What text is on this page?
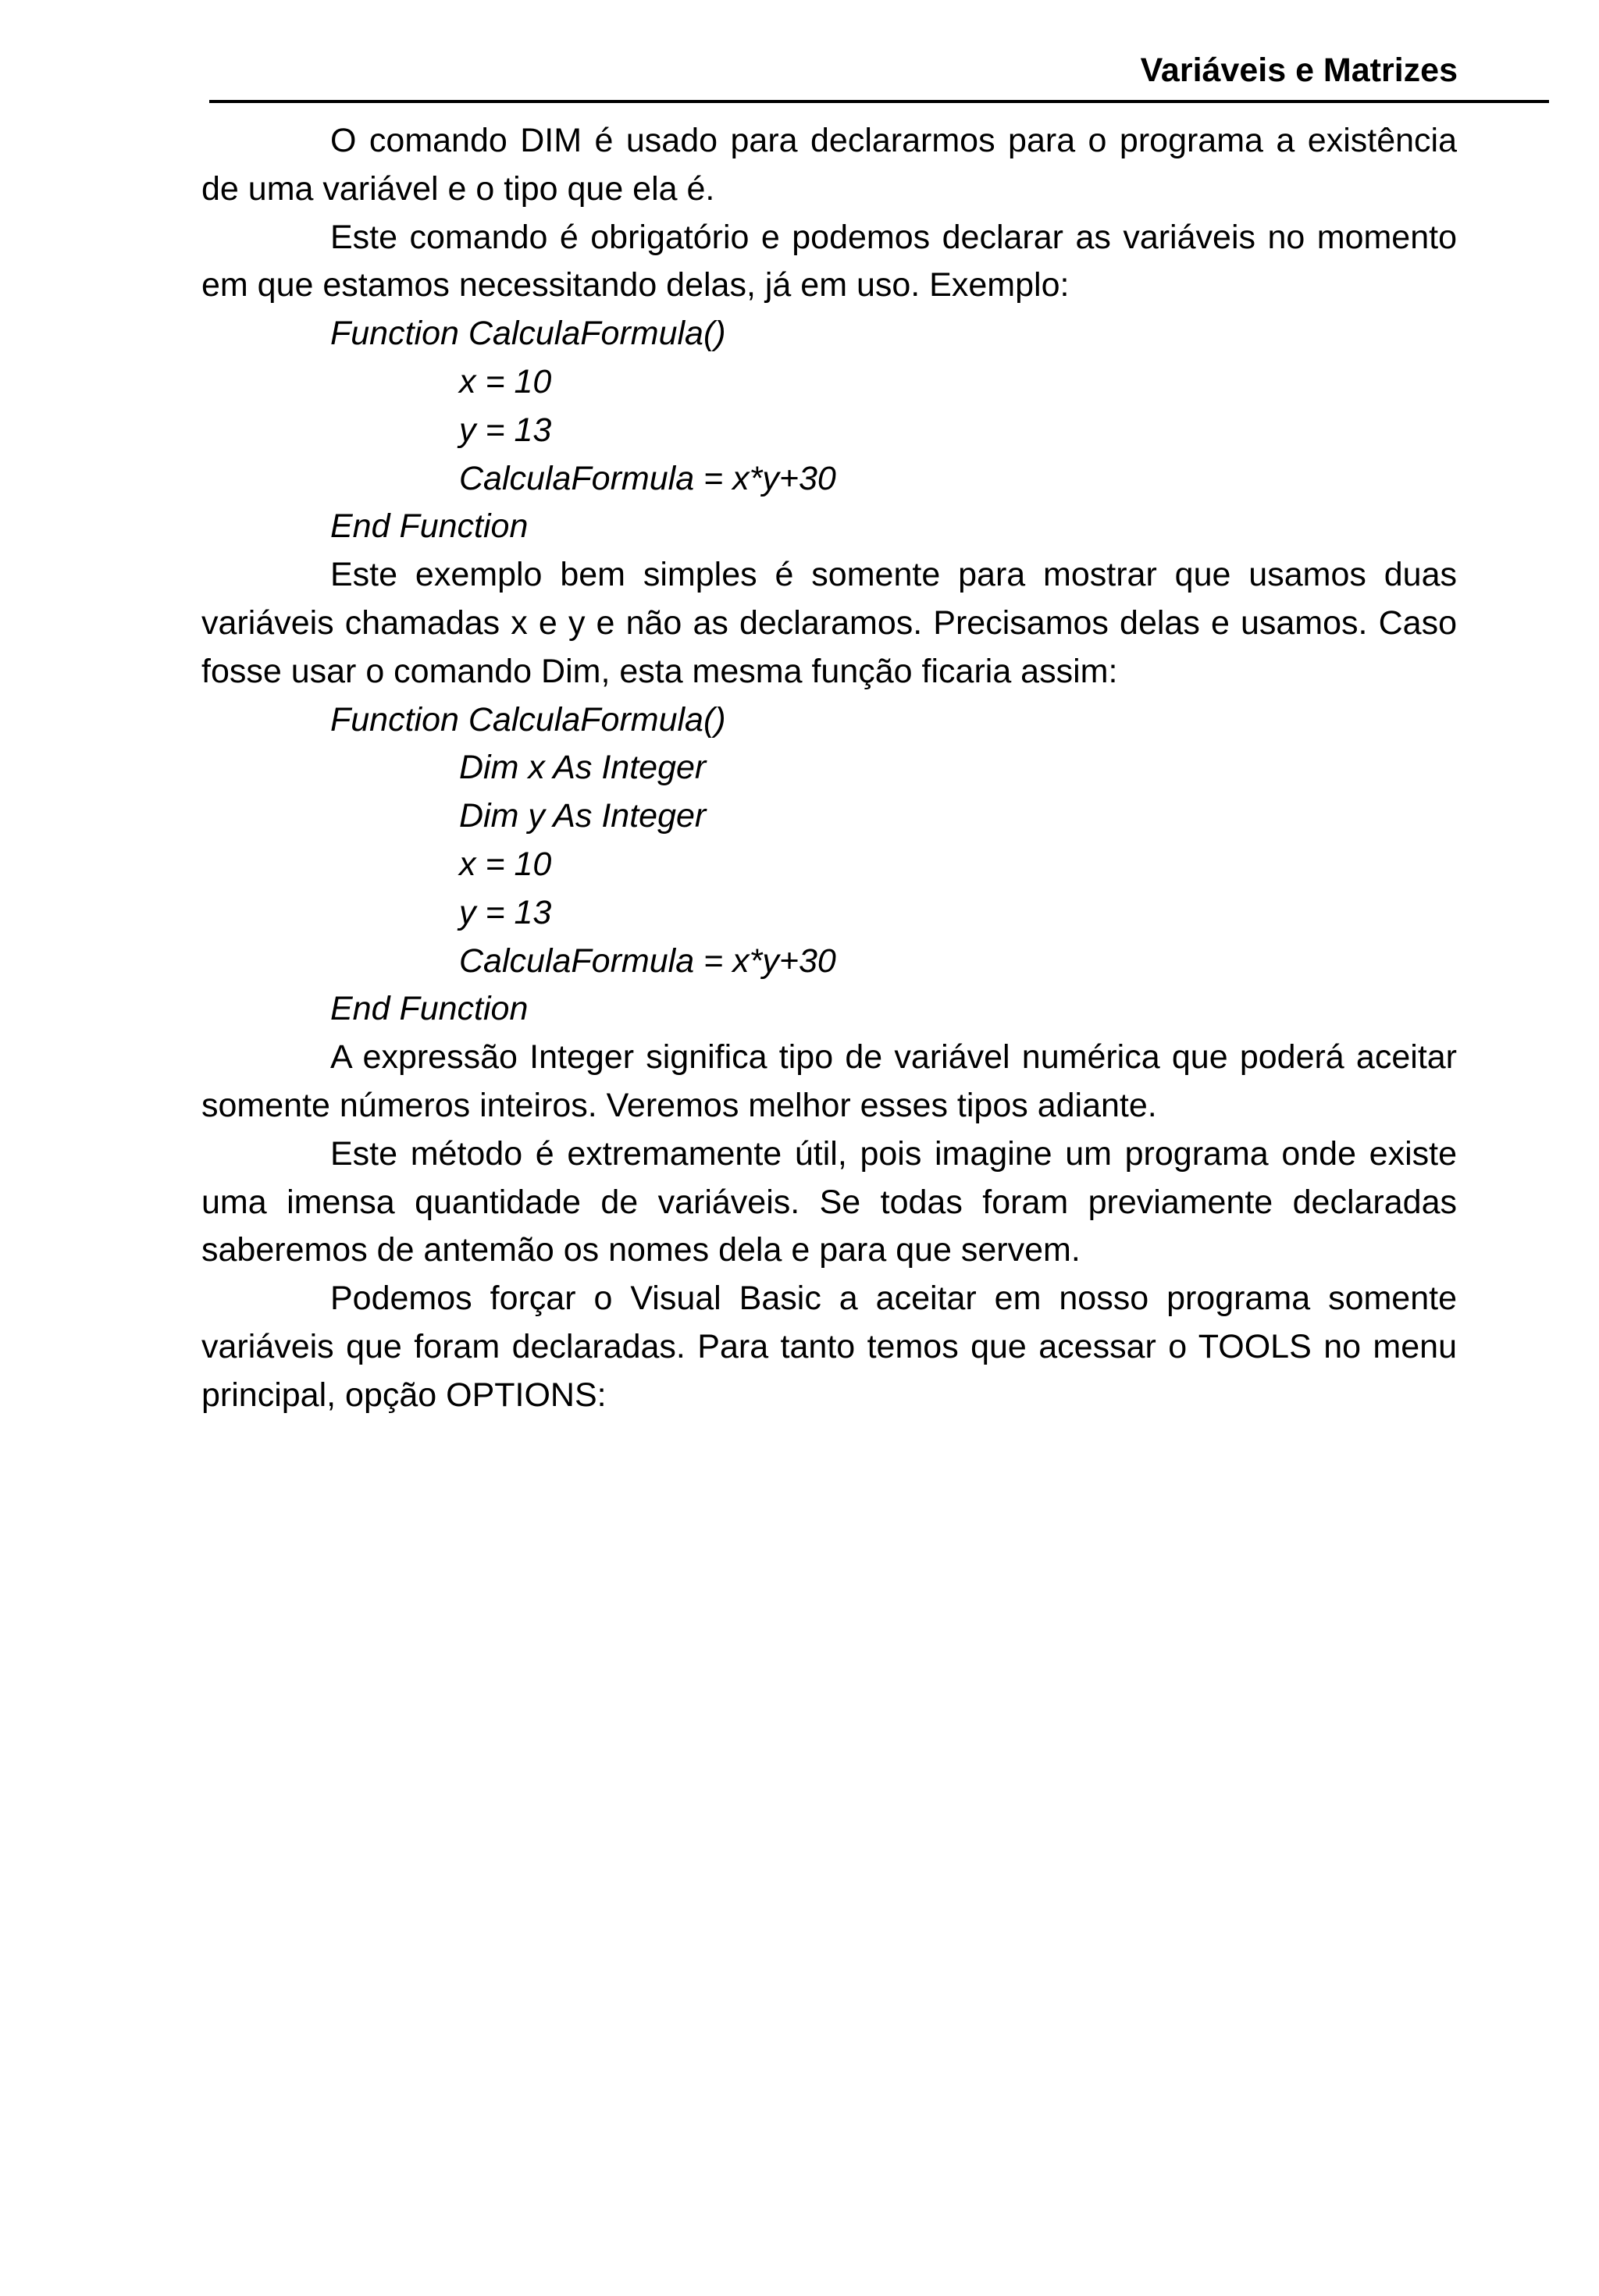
Variáveis e Matrizes

O comando DIM é usado para declararmos para o programa a existência de uma variável e o tipo que ela é.

Este comando é obrigatório e podemos declarar as variáveis no momento em que estamos necessitando delas, já em uso. Exemplo:

Function CalculaFormula()

x = 10

y = 13

CalculaFormula = x*y+30

End Function

Este exemplo bem simples é somente para mostrar que usamos duas variáveis chamadas x e y e não as declaramos. Precisamos delas e usamos. Caso fosse usar o comando Dim, esta mesma função ficaria assim:

Function CalculaFormula()

Dim x As Integer

Dim y As Integer

x = 10

y = 13

CalculaFormula = x*y+30

End Function

A expressão Integer significa tipo de variável numérica que poderá aceitar somente números inteiros. Veremos melhor esses tipos adiante.

Este método é extremamente útil, pois imagine um programa onde existe uma imensa quantidade de variáveis. Se todas foram previamente declaradas saberemos de antemão os nomes dela e para que servem.

Podemos forçar o Visual Basic a aceitar em nosso programa somente variáveis que foram declaradas. Para tanto temos que acessar o TOOLS no menu principal, opção OPTIONS:
